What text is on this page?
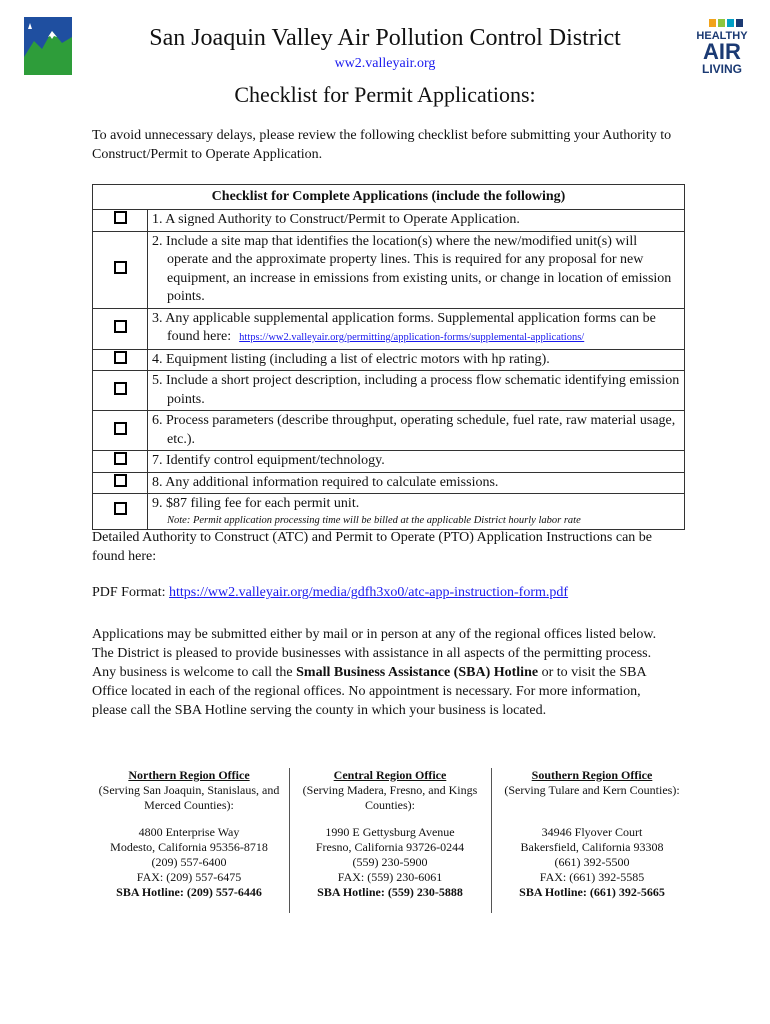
HEALTHY
AIR
LIVING
San Joaquin Valley Air Pollution Control District
ww2.valleyair.org
Checklist for Permit Applications:
To avoid unnecessary delays, please review the following checklist before submitting your Authority to Construct/Permit to Operate Application.
Checklist for Complete Applications (include the following)	

	1. A signed Authority to Construct/Permit to Operate Application.

	2. Include a site map that identifies the location(s) where the new/modified unit(s) will operate and the approximate property lines. This is required for any proposal for new equipment, an increase in emissions from existing units, or change in location of emission points.

	3. Any applicable supplemental application forms. Supplemental application forms can be found here: https://ww2.valleyair.org/permitting/application-forms/supplemental-applications/

	4. Equipment listing (including a list of electric motors with hp rating).

	5. Include a short project description, including a process flow schematic identifying emission points.

	6. Process parameters (describe throughput, operating schedule, fuel rate, raw material usage, etc.).

	7. Identify control equipment/technology.

	8. Any additional information required to calculate emissions.

	9. $87 filing fee for each permit unit.
Note: Permit application processing time will be billed at the applicable District hourly labor rate
Detailed Authority to Construct (ATC) and Permit to Operate (PTO) Application Instructions can be found here:
PDF Format: https://ww2.valleyair.org/media/gdfh3xo0/atc-app-instruction-form.pdf
Applications may be submitted either by mail or in person at any of the regional offices listed below. The District is pleased to provide businesses with assistance in all aspects of the permitting process. Any business is welcome to call the Small Business Assistance (SBA) Hotline or to visit the SBA Office located in each of the regional offices. No appointment is necessary. For more information, please call the SBA Hotline serving the county in which your business is located.
Northern Region Office
(Serving San Joaquin, Stanislaus, and Merced Counties):
4800 Enterprise Way
Modesto, California 95356-8718
(209) 557-6400
FAX: (209) 557-6475
SBA Hotline: (209) 557-6446
Central Region Office
(Serving Madera, Fresno, and Kings Counties):
1990 E Gettysburg Avenue
Fresno, California 93726-0244
(559) 230-5900
FAX: (559) 230-6061
SBA Hotline: (559) 230-5888
Southern Region Office
(Serving Tulare and Kern Counties):
34946 Flyover Court
Bakersfield, California 93308
(661) 392-5500
FAX: (661) 392-5585
SBA Hotline: (661) 392-5665
